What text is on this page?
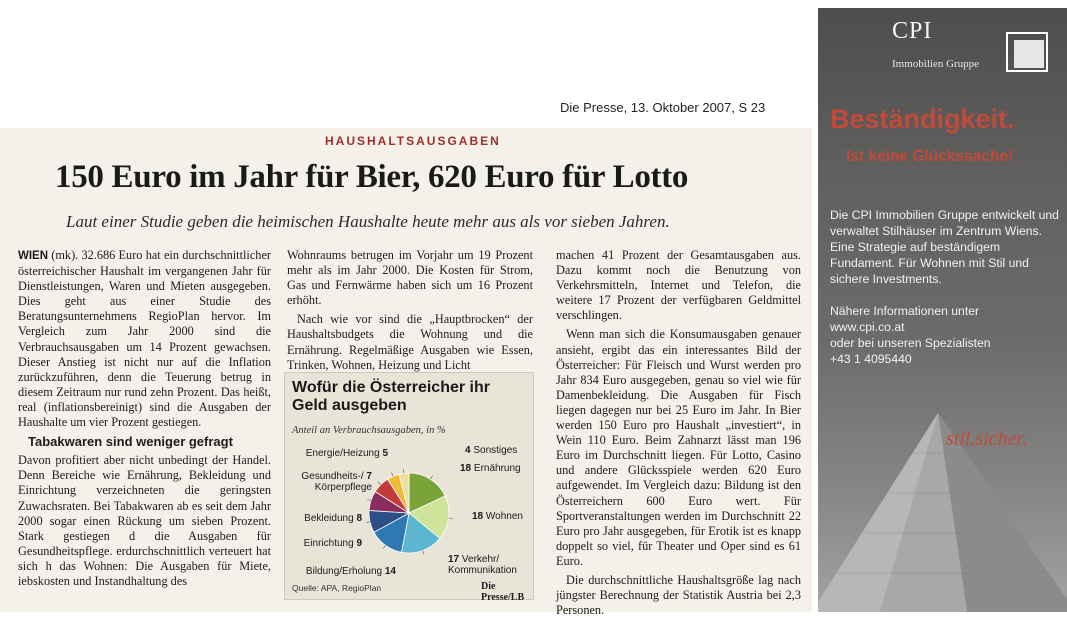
Die Presse, 13. Oktober 2007, S 23
HAUSHALTSAUSGABEN
150 Euro im Jahr für Bier, 620 Euro für Lotto
Laut einer Studie geben die heimischen Haushalte heute mehr aus als vor sieben Jahren.

WIEN (mk). 32.686 Euro hat ein durchschnittlicher österreichischer Haushalt im vergangenen Jahr für Dienstleistungen, Waren und Mieten ausgegeben. Dies geht aus einer Studie des Beratungsunternehmens RegioPlan hervor. Im Vergleich zum Jahr 2000 sind die Verbrauchsausgaben um 14 Prozent gewachsen. Dieser Anstieg ist nicht nur auf die Inflation zurückzuführen, denn die Teuerung betrug in diesem Zeitraum nur rund zehn Prozent. Das heißt, real (inflationsbereinigt) sind die Ausgaben der Haushalte um vier Prozent gestiegen.

Tabakwaren sind weniger gefragt

Davon profitiert aber nicht unbedingt der Handel. Denn Bereiche wie Ernährung, Bekleidung und Einrichtung verzeichneten die geringsten Zuwachsraten. Bei Tabakwaren ab es seit dem Jahr 2000 sogar einen Rückung um sieben Prozent. Stark gestiegen d die Ausgaben für Gesundheitspflege. erdurchschnittlich verteuert hat sich h das Wohnen: Die Ausgaben für Miete, iebskosten und Instandhaltung des

Wohnraums betrugen im Vorjahr um 19 Prozent mehr als im Jahr 2000. Die Kosten für Strom, Gas und Fernwärme haben sich um 16 Prozent erhöht.

Nach wie vor sind die „Hauptbrocken“ der Haushaltsbudgets die Wohnung und die Ernährung. Regelmäßige Ausgaben wie Essen, Trinken, Wohnen, Heizung und Licht

Wofür die Österreicher ihr Geld ausgeben
Anteil an Verbrauchsausgaben, in %
18 Ernährung
18 Wohnen
17 Verkehr/ Kommunikation
Bildung/Erholung 14
Einrichtung 9
Bekleidung 8
Gesundheits-/ 7 Körperpflege
Energie/Heizung 5	4 Sonstiges
Quelle: APA, RegioPlan	Die Presse/LB

machen 41 Prozent der Gesamtausgaben aus. Dazu kommt noch die Benutzung von Verkehrsmitteln, Internet und Telefon, die weitere 17 Prozent der verfügbaren Geldmittel verschlingen.

Wenn man sich die Konsumausgaben genauer ansieht, ergibt das ein interessantes Bild der Österreicher: Für Fleisch und Wurst werden pro Jahr 834 Euro ausgegeben, genau so viel wie für Damenbekleidung. Die Ausgaben für Fisch liegen dagegen nur bei 25 Euro im Jahr. In Bier werden 150 Euro pro Haushalt „investiert“, in Wein 110 Euro. Beim Zahnarzt lässt man 196 Euro im Durchschnitt liegen. Für Lotto, Casino und andere Glücksspiele werden 620 Euro aufgewendet. Im Vergleich dazu: Bildung ist den Österreichern 600 Euro wert. Für Sportveranstaltungen werden im Durchschnitt 22 Euro pro Jahr ausgegeben, für Erotik ist es knapp doppelt so viel, für Theater und Oper sind es 61 Euro.

Die durchschnittliche Haushaltsgröße lag nach jüngster Berechnung der Statistik Austria bei 2,3 Personen.

CPI
Immobilien Gruppe
Beständigkeit.
Ist keine Glückssache!

Die CPI Immobilien Gruppe entwickelt und verwaltet Stilhäuser im Zentrum Wiens. Eine Strategie auf beständigem Fundament. Für Wohnen mit Stil und sichere Investments.

Nähere Informationen unter
www.cpi.co.at
oder bei unseren Spezialisten
+43 1 4095440
stil.sicher.
